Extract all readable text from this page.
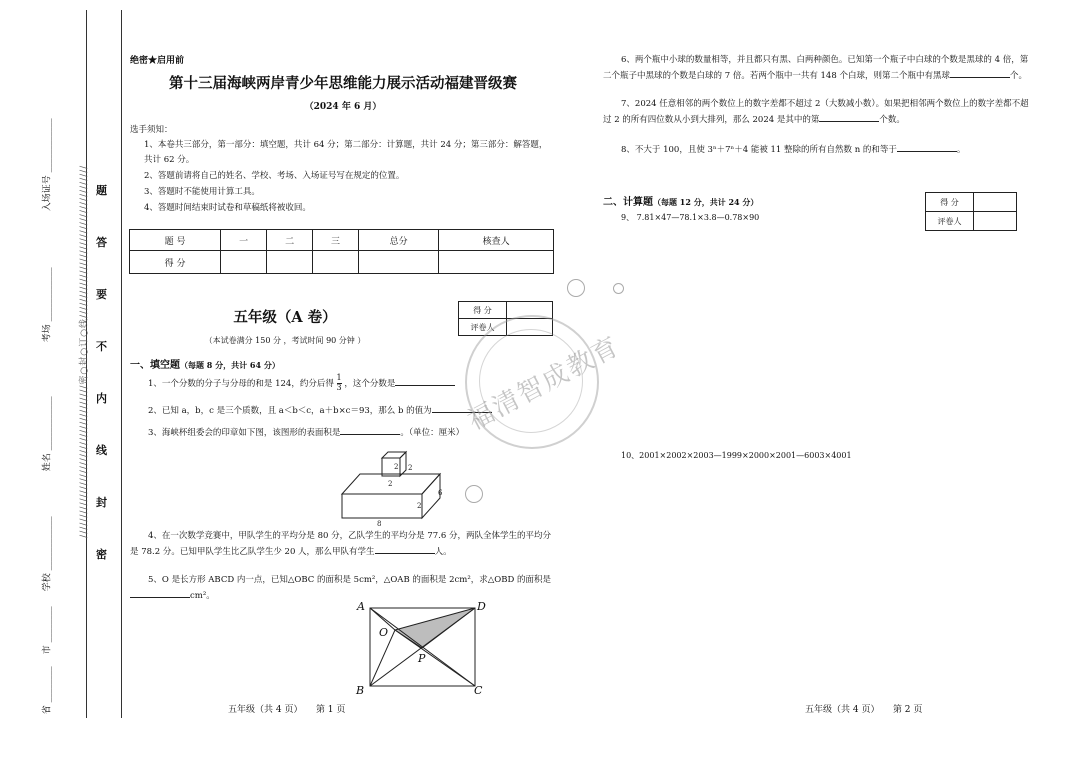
//////////////////////////////////////密○封○订○线//////////////////////////////////////
入场证号 ____________
考场 ____________
姓名 ____________
学校 ____________
市 ________
省 ________
题
答
要
不
内
线
封
密
绝密★启用前
第十三届海峡两岸青少年思维能力展示活动福建晋级赛
（2024 年 6 月）
选手须知：
1、本卷共三部分，第一部分：填空题，共计 64 分；第二部分：计算题，共计 24 分；第三部分：解答题，共计 62 分。
2、答题前请将自己的姓名、学校、考场、入场证号写在规定的位置。
3、答题时不能使用计算工具。
4、答题时间结束时试卷和草稿纸将被收回。
题 号	一	二	三	总分	核查人
得 分					
五年级（A 卷）
（本试卷满分 150 分 ，考试时间 90 分钟 ）
得 分	
评卷人	
一、填空题（每题 8 分，共计 64 分）
1、一个分数的分子与分母的和是 124，约分后得 $\frac{1}{3}$ ，这个分数是
2、已知 a，b，c 是三个质数，且 a＜b＜c，a＋b×c＝93，那么 b 的值为
3、海峡杯组委会的印章如下图，该图形的表面积是	。（单位：厘米）
2 2
2
2
6
8
4、在一次数学竞赛中，甲队学生的平均分是 80 分，乙队学生的平均分是 77.6 分，两队全体学生的平均分是 78.2 分。已知甲队学生比乙队学生少 20 人，那么甲队有学生	人。
5、O 是长方形 ABCD 内一点，已知△OBC 的面积是 5cm²，△OAB 的面积是 2cm²，求△OBD 的面积是cm²。
A	D
O
P
B	C
五年级（共 4 页）　　第 1 页
6、两个瓶中小球的数量相等，并且都只有黑、白两种颜色。已知第一个瓶子中白球的个数是黑球的 4 倍，第二个瓶子中黑球的个数是白球的 7 倍。若两个瓶中一共有 148 个白球，则第二个瓶中有黑球	个。
7、2024 任意相邻的两个数位上的数字差都不超过 2（大数减小数）。如果把相邻两个数位上的数字差都不超过 2 的所有四位数从小到大排列，那么 2024 是其中的第	个数。
8、不大于 100，且使 3ⁿ＋7ⁿ＋4 能被 11 整除的所有自然数 n 的和等于	。
二、计算题（每题 12 分，共计 24 分）	得 分	
评卷人	
9、 7.81×47—78.1×3.8—0.78×90
10、2001×2002×2003—1999×2000×2001—6003×4001
福清智成教育
五年级（共 4 页）　　第 2 页
